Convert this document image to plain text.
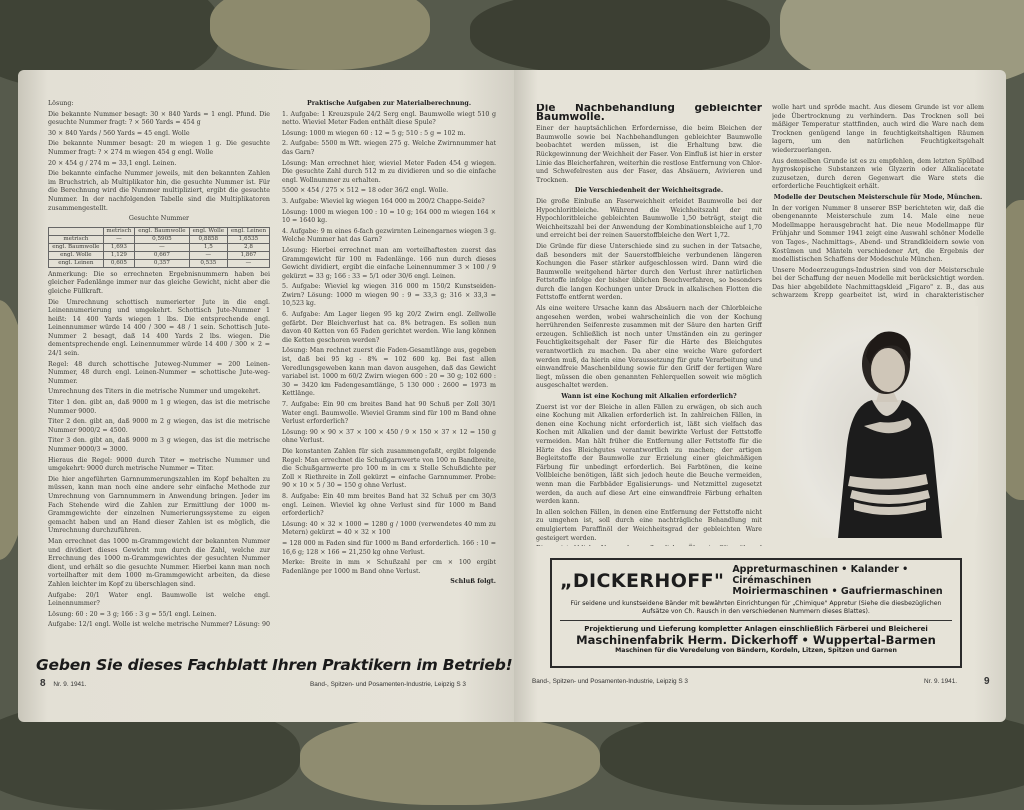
Lösung:

Die bekannte Nummer besagt: 30 × 840 Yards = 1 engl. Pfund. Die gesuchte Nummer fragt: ? × 560 Yards = 454 g

30 × 840 Yards / 560 Yards = 45 engl. Wolle

Die bekannte Nummer besagt: 20 m wiegen 1 g. Die gesuchte Nummer fragt: ? × 274 m wiegen 454 g engl. Wolle

20 × 454 g / 274 m = 33,1 engl. Leinen.

Die bekannte einfache Nummer jeweils, mit den bekannten Zahlen im Bruchstrich, ab Multiplikator hin, die gesuchte Nummer ist. Für die Berechnung wird die Nummer multipliziert, ergibt die gesuchte Nummer. In der nachfolgenden Tabelle sind die Multiplikatoren zusammengestellt.

Gesuchte Nummer
	metrisch	engl. Baumwolle	engl. Wolle	engl. Leinen
metrisch	—	0,5905	0,8858	1,6535
engl. Baumwolle	1,693	—	1,5	2,8
engl. Wolle	1,129	0,667	—	1,867
engl. Leinen	0,605	0,357	0,535	—

Anmerkung: Die so errechneten Ergebnisnummern haben bei gleicher Fadenlänge immer nur das gleiche Gewicht, nicht aber die gleiche Füllkraft.

Die Umrechnung schottisch numerierter Jute in die engl. Leinennumerierung und umgekehrt. Schottisch Jute-Nummer 1 heißt: 14 400 Yards wiegen 1 lbs. Die entsprechende engl. Leinennummer würde 14 400 / 300 = 48 / 1 sein. Schottisch Jute-Nummer 2 besagt, daß 14 400 Yards 2 lbs. wiegen. Die dementsprechende engl. Leinennummer würde 14 400 / 300 × 2 = 24/1 sein.

Regel: 48 durch schottische Juteweg-Nummer = 200 Leinen-Nummer, 48 durch engl. Leinen-Nummer = schottische Jute-weg-Nummer.

Umrechnung des Titers in die metrische Nummer und umgekehrt.

Titer 1 den. gibt an, daß 9000 m 1 g wiegen, das ist die metrische Nummer 9000.

Titer 2 den. gibt an, daß 9000 m 2 g wiegen, das ist die metrische Nummer 9000/2 = 4500.

Titer 3 den. gibt an, daß 9000 m 3 g wiegen, das ist die metrische Nummer 9000/3 = 3000.

Hieraus die Regel: 9000 durch Titer = metrische Nummer und umgekehrt: 9000 durch metrische Nummer = Titer.

Die hier angeführten Garnnummerungszahlen im Kopf behalten zu müssen, kann man noch eine andere sehr einfache Methode zur Umrechnung von Garnnummern in Anwendung bringen. Jeder im Fach Stehende wird die Zahlen zur Ermittlung der 1000 m-Grammgewichte der einzelnen Numerierungssysteme zu eigen gemacht haben und an Hand dieser Zahlen ist es möglich, die Umrechnung durchzuführen.

Man errechnet das 1000 m-Grammgewicht der bekannten Nummer und dividiert dieses Gewicht nun durch die Zahl, welche zur Errechnung des 1000 m-Grammgewichtes der gesuchten Nummer dient, und erhält so die gesuchte Nummer. Hierbei kann man noch vorteilhafter mit dem 1000 m-Grammgewicht arbeiten, da diese Zahlen leichter im Kopf zu überschlagen sind.

Aufgabe: 20/1 Water engl. Baumwolle ist welche engl. Leinennummer?

Lösung: 60 : 20 = 3 g; 166 : 3 g = 55/1 engl. Leinen.

Aufgabe: 12/1 engl. Wolle ist welche metrische Nummer? Lösung: 90

Praktische Aufgaben zur Materialberechnung.

1. Aufgabe: 1 Kreuzspule 24/2 Serg engl. Baumwolle wiegt 510 g netto. Wieviel Meter Faden enthält diese Spule?

Lösung: 1000 m wiegen 60 : 12 = 5 g; 510 : 5 g = 102 m.

2. Aufgabe: 5500 m Wft. wiegen 275 g. Welche Zwirnnummer hat das Garn?

Lösung: Man errechnet hier, wieviel Meter Faden 454 g wiegen. Die gesuchte Zahl durch 512 m zu dividieren und so die einfache engl. Wollnummer zu erhalten.

5500 × 454 / 275 × 512 = 18 oder 36/2 engl. Wolle.

3. Aufgabe: Wieviel kg wiegen 164 000 m 200/2 Chappe-Seide?

Lösung: 1000 m wiegen 100 : 10 = 10 g; 164 000 m wiegen 164 × 10 = 1640 kg.

4. Aufgabe: 9 m eines 6-fach gezwirnten Leinengarnes wiegen 3 g. Welche Nummer hat das Garn?

Lösung: Hierbei errechnet man am vorteilhaftesten zuerst das Grammgewicht für 100 m Fadenlänge. 166 nun durch dieses Gewicht dividiert, ergibt die einfache Leinennummer 3 × 100 / 9 gekürzt = 33 g; 166 : 33 = 5/1 oder 30/6 engl. Leinen.

5. Aufgabe: Wieviel kg wiegen 316 000 m 150/2 Kunstseiden-Zwirn? Lösung: 1000 m wiegen 90 : 9 = 33,3 g; 316 × 33,3 = 10,523 kg.

6. Aufgabe: Am Lager liegen 95 kg 20/2 Zwirn engl. Zellwolle gefärbt. Der Bleichverlust hat ca. 8% betragen. Es sollen nun davon 40 Ketten von 65 Faden gerichtet werden. Wie lang können die Ketten geschoren werden?

Lösung: Man rechnet zuerst die Faden-Gesamtlänge aus, gegeben ist, daß bei 95 kg - 8% = 102 600 kg. Bei fast allen Veredlungsgeweben kann man davon ausgehen, daß das Gewicht variabel ist. 1000 m 60/2 Zwirn wiegen 600 : 20 = 30 g; 102 600 : 30 = 3420 km Fadengesamtlänge, 5 130 000 : 2600 = 1973 m Kettlänge.

7. Aufgabe: Ein 90 cm breites Band hat 90 Schuß per Zoll 30/1 Water engl. Baumwolle. Wieviel Gramm sind für 100 m Band ohne Verlust erforderlich?

Lösung: 90 × 90 × 37 × 100 × 450 / 9 × 150 × 37 × 12 = 150 g ohne Verlust.

Die konstanten Zahlen für sich zusammengefaßt, ergibt folgende Regel: Man errechnet die Schußgarnwerte von 100 m Bandbreite, die Schußgarnwerte pro 100 m in cm x Stelle Schußdichte per Zoll × Riethreite in Zoll gekürzt = einfache Garnnummer. Probe: 90 × 10 × 5 / 30 = 150 g ohne Verlust.

8. Aufgabe: Ein 40 mm breites Band hat 32 Schuß per cm 30/3 engl. Leinen. Wieviel kg ohne Verlust sind für 1000 m Band erforderlich?

Lösung: 40 × 32 × 1000 = 1280 g / 1000 (verwendetes 40 mm zu Metern) gekürzt = 40 × 32 × 100

= 128 000 m Faden sind für 1000 m Band erforderlich. 166 : 10 = 16,6 g; 128 × 166 = 21,250 kg ohne Verlust.

Merke: Breite in mm × Schußzahl per cm × 100 ergibt Fadenlänge per 1000 m Band ohne Verlust.

Schluß folgt.
Geben Sie dieses Fachblatt Ihren Praktikern im Betrieb!
8 Nr. 9. 1941.	Band-, Spitzen- und Posamenten-Industrie, Leipzig S 3
Die Nachbehandlung gebleichter Baumwolle.

Einer der hauptsächlichen Erfordernisse, die beim Bleichen der Baumwolle sowie bei Nachbehandlungen gebleichter Baumwolle beobachtet werden müssen, ist die Erhaltung bzw. die Rückgewinnung der Weichheit der Faser. Von Einfluß ist hier in erster Linie das Bleicherfahren, weiterhin die restlose Entfernung von Chlor- und Schwefelresten aus der Faser, das Absäuern, Avivieren und Trocknen.

Die Verschiedenheit der Weichheitsgrade.

Die große Einbuße an Faserweichheit erleidet Baumwolle bei der Hypochloritbleiche. Während die Weichheitszahl der mit Hypochloritbleiche gebleichten Baumwolle 1,50 beträgt, steigt die Weichheitszahl bei der Anwendung der Kombinationsbleiche auf 1,70 und erreicht bei der reinen Sauerstoffbleiche den Wert 1,72.

Die Gründe für diese Unterschiede sind zu suchen in der Tatsache, daß besonders mit der Sauerstoffbleiche verbundenen längeren Kochungen die Faser stärker aufgeschlossen wird. Dann wird die Baumwolle weitgehend härter durch den Verlust ihrer natürlichen Fettstoffe infolge der bisher üblichen Beuchverfahren, so besonders durch die langen Kochungen unter Druck in alkalischen Flotten die Fettstoffe entfernt werden.

Als eine weitere Ursache kann das Absäuern nach der Chlorbleiche angesehen werden, wobei wahrscheinlich die von der Kochung herrührenden Seifenreste zusammen mit der Säure den harten Griff erzeugen. Schließlich ist noch unter Umständen ein zu geringer Feuchtigkeitsgehalt der Faser für die Härte des Bleichgutes verantwortlich zu machen. Da aber eine weiche Ware gefordert werden muß, da hierin eine Voraussetzung für gute Verarbeitung und einwandfreie Maschenbildung sowie für den Griff der fertigen Ware liegt, müssen die oben genannten Fehlerquellen soweit wie möglich ausgeschaltet werden.

Wann ist eine Kochung mit Alkalien erforderlich?

Zuerst ist vor der Bleiche in allen Fällen zu erwägen, ob sich auch eine Kochung mit Alkalien erforderlich ist. In zahlreichen Fällen, in denen eine Kochung nicht erforderlich ist, läßt sich vielfach das Kochen mit Alkalien und der damit bewirkte Verlust der Fettstoffe vermeiden. Man hält früher die Entfernung aller Fettstoffe für die Härte des Bleichgutes verantwortlich zu machen; der artigen Begleitstoffe der Baumwolle zur Erzielung einer gleichmäßigen Färbung für unbedingt erforderlich. Bei Farbtönen, die keine Vollbleiche benötigen, läßt sich jedoch heute die Beuche vermeiden, wenn man die Farbbäder Egalisierungs- und Netzmittel zugesetzt werden, da auch auf diese Art eine einwandfreie Färbung erhalten werden kann.

In allen solchen Fällen, in denen eine Entfernung der Fettstoffe nicht zu umgehen ist, soll durch eine nachträgliche Behandlung mit emulgiertem Paraffinöl der Weichheitsgrad der gebleichten Ware gesteigert werden.

wolle hart und spröde macht. Aus diesem Grunde ist vor allem jede Übertrocknung zu verhindern. Das Trocknen soll bei mäßiger Temperatur stattfinden, auch wird die Ware nach dem Trocknen genügend lange in feuchtigkeitshaltigen Räumen lagern, um den natürlichen Feuchtigkeitsgehalt wiederzuerlangen.

Aus demselben Grunde ist es zu empfehlen, dem letzten Spülbad hygroskopische Substanzen wie Glyzerin oder Alkaliacetate zuzusetzen, durch deren Gegenwart die Ware stets die erforderliche Feuchtigkeit erhält.

Modelle der Deutschen Meisterschule für Mode, München.

In der vorigen Nummer 8 unserer BSP berichteten wir, daß die obengenannte Meisterschule zum 14. Male eine neue Modellmappe herausgebracht hat. Die neue Modellmappe für Frühjahr und Sommer 1941 zeigt eine Auswahl schöner Modelle von Tages-, Nachmittags-, Abend- und Strandkleidern sowie von Kostümen und Mänteln verschiedener Art, die Ergebnis der modellistischen Schaffens der Modeschule München.

Unsere Modeerzeugungs-Industrien sind von der Meisterschule bei der Schaffung der neuen Modelle mit berücksichtigt worden. Das hier abgebildete Nachmittagskleid „Figaro" z. B., das aus schwarzem Krepp gearbeitet ist, wird in charakteristischer

„DICKERHOFF" Appreturmaschinen • Kalander • Cirémaschinen
Moiriermaschinen • Gaufriermaschinen
Für seidene und kunstseidene Bänder mit bewährten Einrichtungen für „Chimique" Appretur (Siehe die diesbezüglichen Aufsätze von Ch. Rausch in den verschiedenen Nummern dieses Blattes).
Projektierung und Lieferung kompletter Anlagen einschließlich Färberei und Bleicherei
Maschinenfabrik Herm. Dickerhoff • Wuppertal-Barmen
Maschinen für die Veredelung von Bändern, Kordeln, Litzen, Spitzen und Garnen
Band-, Spitzen- und Posamenten-Industrie, Leipzig S 3	Nr. 9. 1941.	9
